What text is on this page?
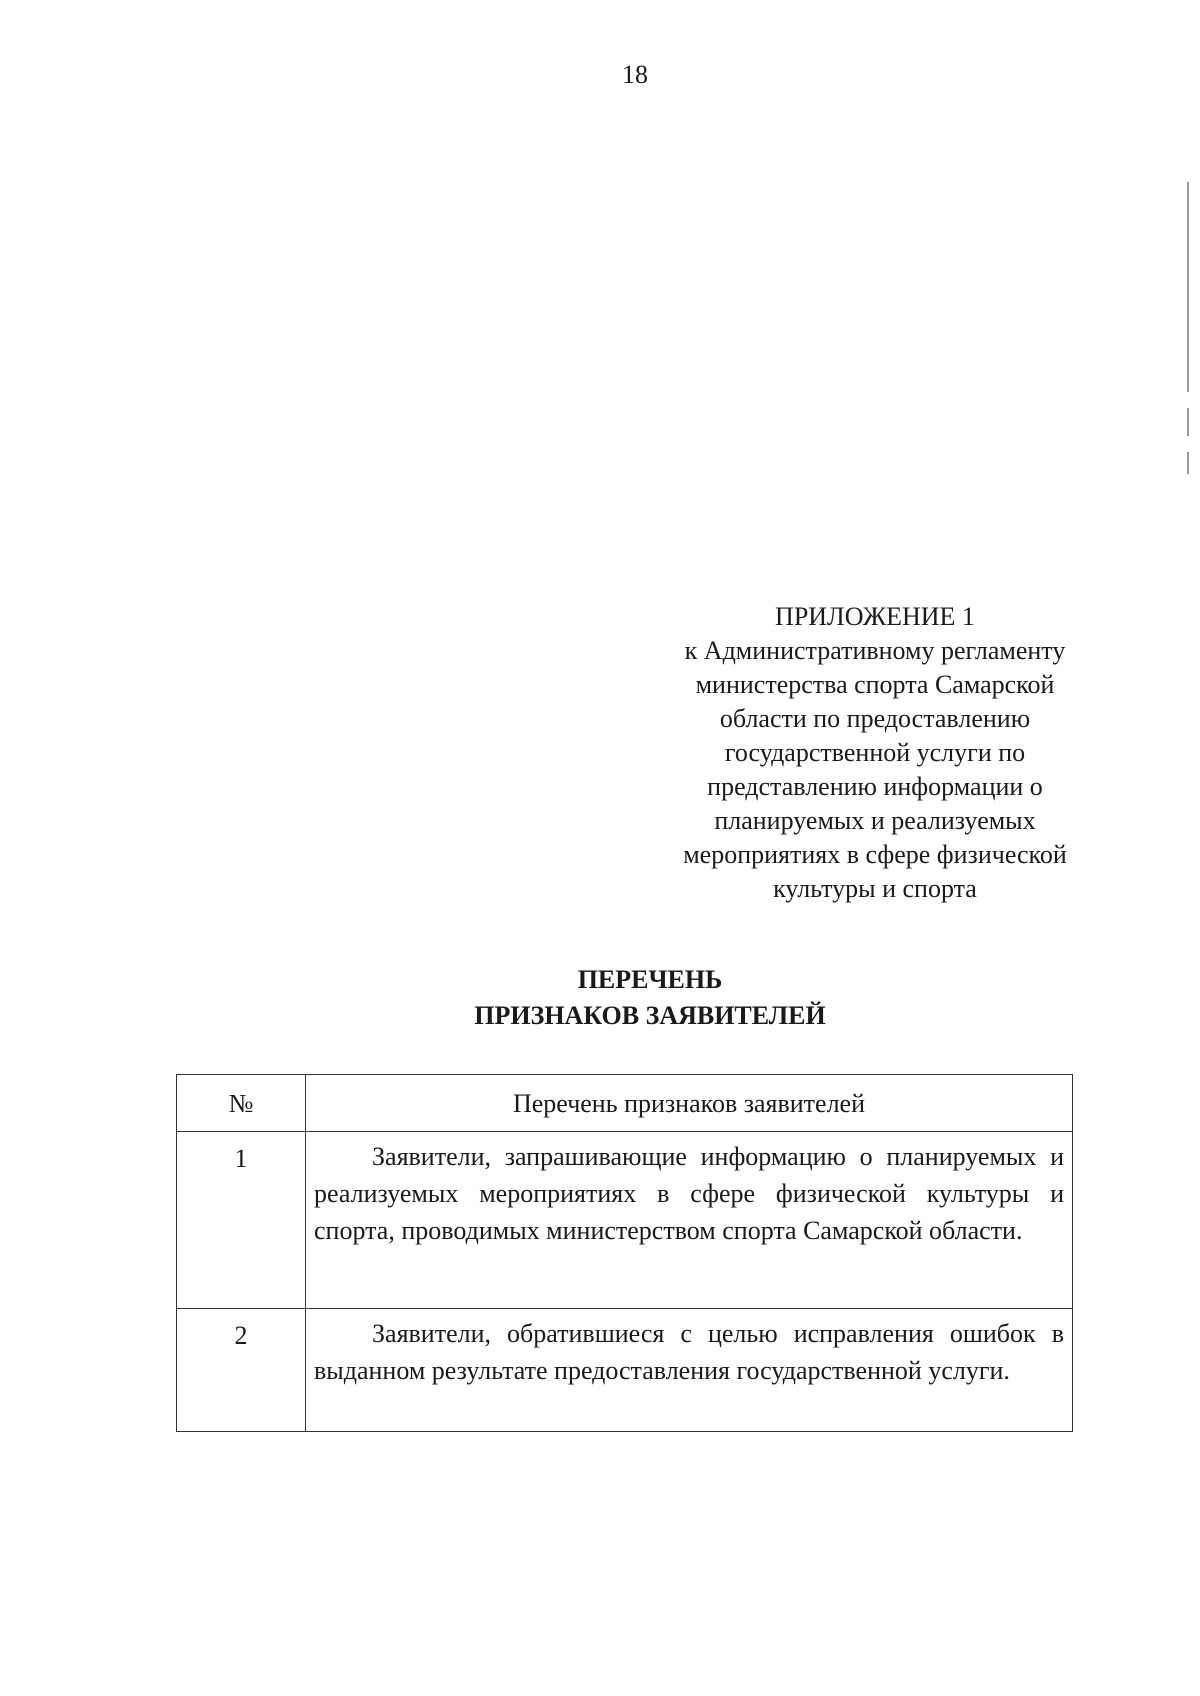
18
ПРИЛОЖЕНИЕ 1
к Административному регламенту
министерства спорта Самарской
области по предоставлению
государственной услуги по
представлению информации о
планируемых и реализуемых
мероприятиях в сфере физической
культуры и спорта
ПЕРЕЧЕНЬ
ПРИЗНАКОВ ЗАЯВИТЕЛЕЙ
№	Перечень признаков заявителей
1	Заявители, запрашивающие информацию о планируемых и реализуемых мероприятиях в сфере физической культуры и спорта, проводимых министерством спорта Самарской области.
2	Заявители, обратившиеся с целью исправления ошибок в выданном результате предоставления государственной услуги.
